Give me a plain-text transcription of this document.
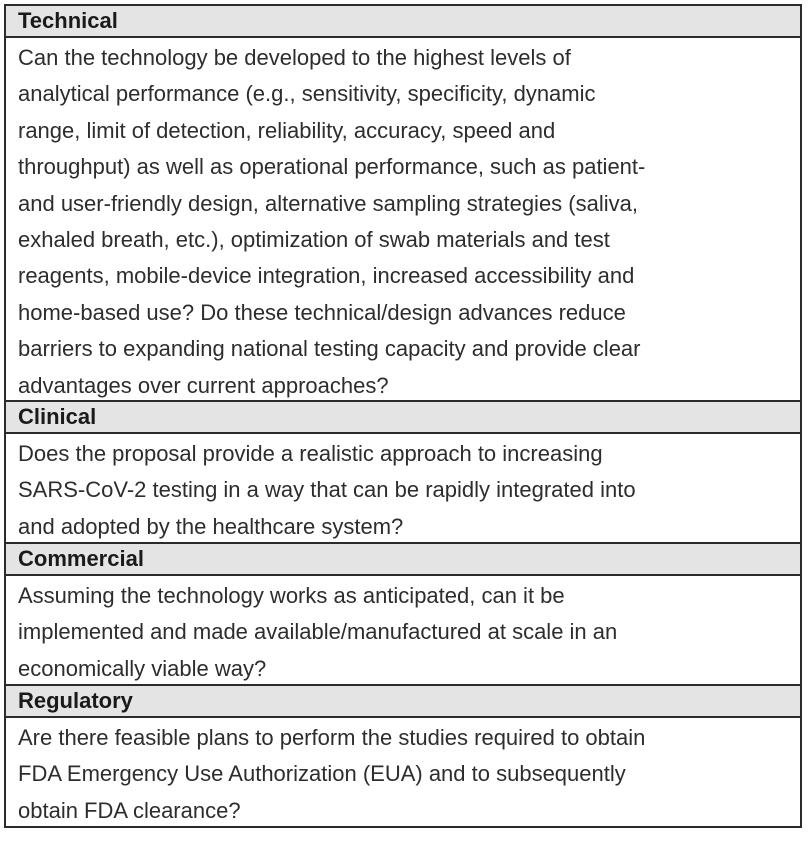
Technical
Can the technology be developed to the highest levels of
analytical performance (e.g., sensitivity, specificity, dynamic
range, limit of detection, reliability, accuracy, speed and
throughput) as well as operational performance, such as patient-
and user-friendly design, alternative sampling strategies (saliva,
exhaled breath, etc.), optimization of swab materials and test
reagents, mobile-device integration, increased accessibility and
home-based use? Do these technical/design advances reduce
barriers to expanding national testing capacity and provide clear
advantages over current approaches?
Clinical
Does the proposal provide a realistic approach to increasing
SARS-CoV-2 testing in a way that can be rapidly integrated into
and adopted by the healthcare system?
Commercial
Assuming the technology works as anticipated, can it be
implemented and made available/manufactured at scale in an
economically viable way?
Regulatory
Are there feasible plans to perform the studies required to obtain
FDA Emergency Use Authorization (EUA) and to subsequently
obtain FDA clearance?
